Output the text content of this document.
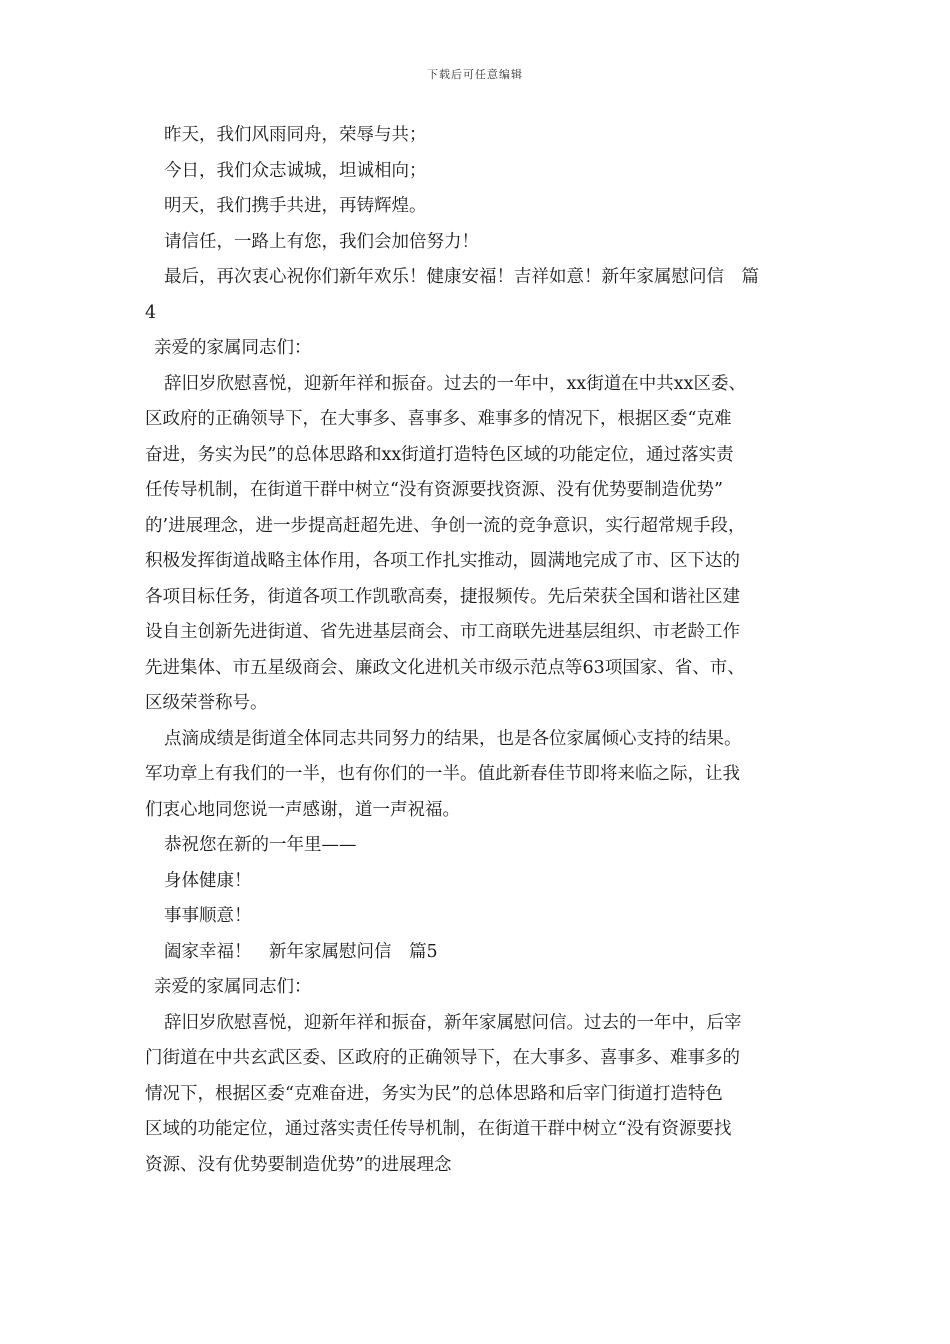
下载后可任意编辑
昨天，我们风雨同舟，荣辱与共；
今日，我们众志诚城，坦诚相向；
明天，我们携手共进，再铸辉煌。
请信任，一路上有您，我们会加倍努力！
最后，再次衷心祝你们新年欢乐！健康安福！吉祥如意！新年家属慰问信　篇
4
亲爱的家属同志们：
辞旧岁欣慰喜悦，迎新年祥和振奋。过去的一年中，xx街道在中共xx区委、
区政府的正确领导下，在大事多、喜事多、难事多的情况下，根据区委“克难
奋进，务实为民”的总体思路和xx街道打造特色区域的功能定位，通过落实责
任传导机制，在街道干群中树立“没有资源要找资源、没有优势要制造优势”
的’进展理念，进一步提高赶超先进、争创一流的竞争意识，实行超常规手段，
积极发挥街道战略主体作用，各项工作扎实推动，圆满地完成了市、区下达的
各项目标任务，街道各项工作凯歌高奏，捷报频传。先后荣获全国和谐社区建
设自主创新先进街道、省先进基层商会、市工商联先进基层组织、市老龄工作
先进集体、市五星级商会、廉政文化进机关市级示范点等63项国家、省、市、
区级荣誉称号。
点滴成绩是街道全体同志共同努力的结果，也是各位家属倾心支持的结果。
军功章上有我们的一半，也有你们的一半。值此新春佳节即将来临之际，让我
们衷心地同您说一声感谢，道一声祝福。
恭祝您在新的一年里——
身体健康！
事事顺意！
阖家幸福！　新年家属慰问信　篇5
亲爱的家属同志们：
辞旧岁欣慰喜悦，迎新年祥和振奋，新年家属慰问信。过去的一年中，后宰
门街道在中共玄武区委、区政府的正确领导下，在大事多、喜事多、难事多的
情况下，根据区委“克难奋进，务实为民”的总体思路和后宰门街道打造特色
区域的功能定位，通过落实责任传导机制，在街道干群中树立“没有资源要找
资源、没有优势要制造优势”的进展理念
